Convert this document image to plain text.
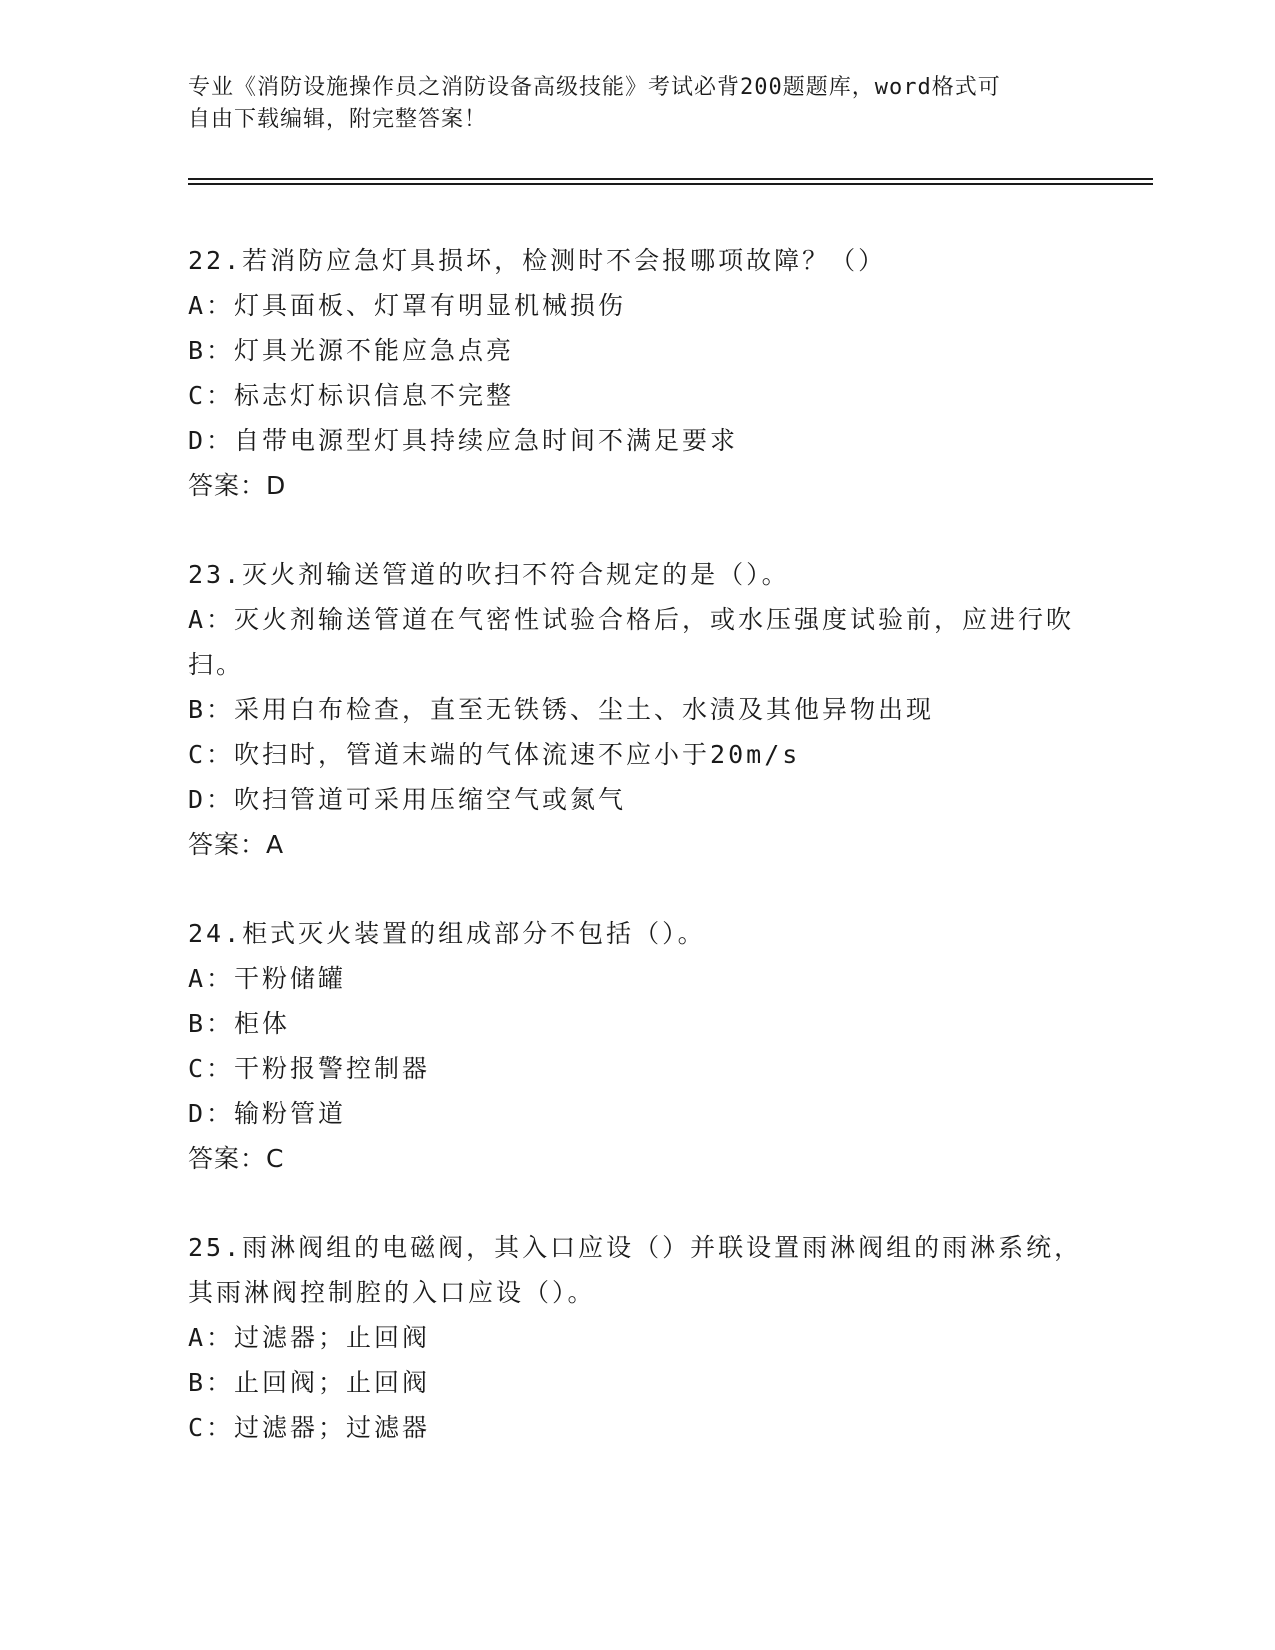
专业《消防设施操作员之消防设备高级技能》考试必背200题题库，word格式可
自由下载编辑，附完整答案！
22.若消防应急灯具损坏，检测时不会报哪项故障？（）
A：灯具面板、灯罩有明显机械损伤
B：灯具光源不能应急点亮
C：标志灯标识信息不完整
D：自带电源型灯具持续应急时间不满足要求
答案：D
23.灭火剂输送管道的吹扫不符合规定的是（）。
A：灭火剂输送管道在气密性试验合格后，或水压强度试验前，应进行吹扫。
B：采用白布检查，直至无铁锈、尘土、水渍及其他异物出现
C：吹扫时，管道末端的气体流速不应小于20m/s
D：吹扫管道可采用压缩空气或氮气
答案：A
24.柜式灭火装置的组成部分不包括（）。
A：干粉储罐
B：柜体
C：干粉报警控制器
D：输粉管道
答案：C
25.雨淋阀组的电磁阀，其入口应设（）并联设置雨淋阀组的雨淋系统，其雨淋阀控制腔的入口应设（）。
A：过滤器；止回阀
B：止回阀；止回阀
C：过滤器；过滤器
